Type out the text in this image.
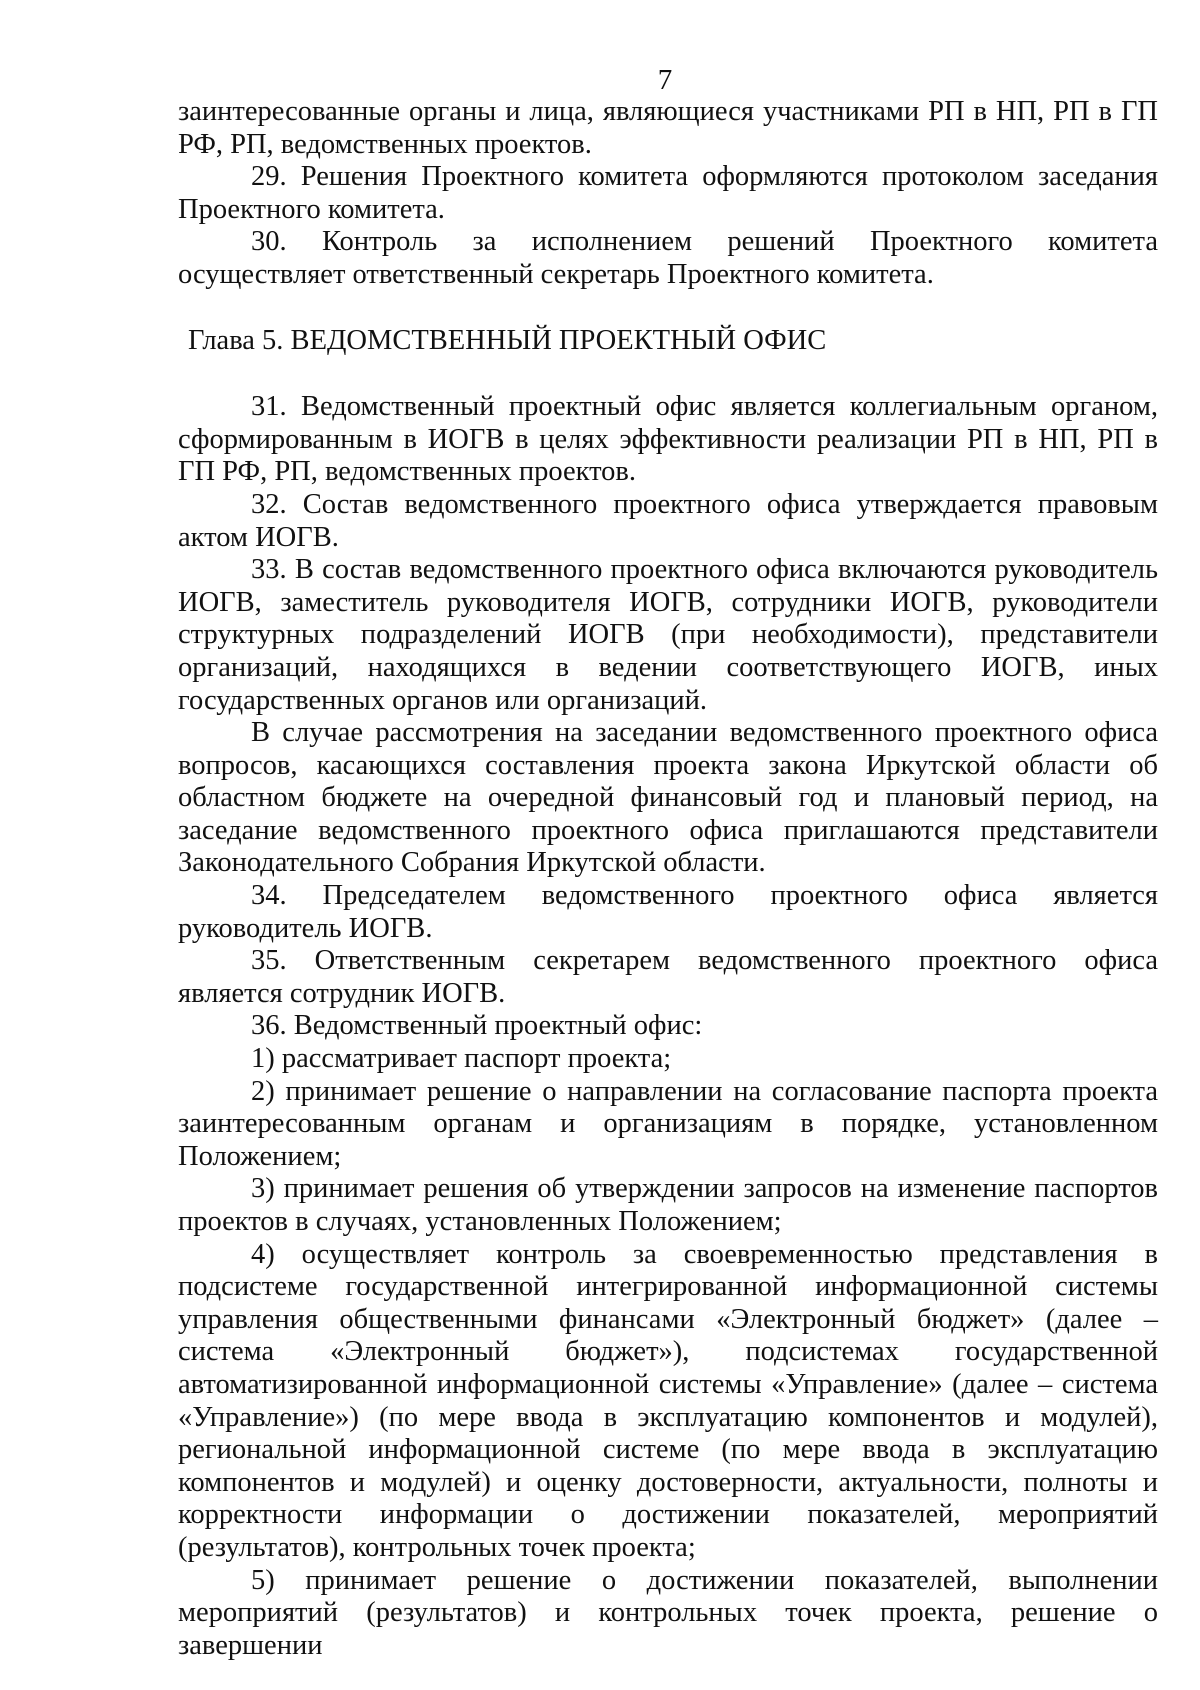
7

заинтересованные органы и лица, являющиеся участниками РП в НП, РП в ГП РФ, РП, ведомственных проектов.

29. Решения Проектного комитета оформляются протоколом заседания Проектного комитета.

30. Контроль за исполнением решений Проектного комитета осуществляет ответственный секретарь Проектного комитета.

Глава 5. ВЕДОМСТВЕННЫЙ ПРОЕКТНЫЙ ОФИС

31. Ведомственный проектный офис является коллегиальным органом, сформированным в ИОГВ в целях эффективности реализации РП в НП, РП в ГП РФ, РП, ведомственных проектов.

32. Состав ведомственного проектного офиса утверждается правовым актом ИОГВ.

33. В состав ведомственного проектного офиса включаются руководитель ИОГВ, заместитель руководителя ИОГВ, сотрудники ИОГВ, руководители структурных подразделений ИОГВ (при необходимости), представители организаций, находящихся в ведении соответствующего ИОГВ, иных государственных органов или организаций.

В случае рассмотрения на заседании ведомственного проектного офиса вопросов, касающихся составления проекта закона Иркутской области об областном бюджете на очередной финансовый год и плановый период, на заседание ведомственного проектного офиса приглашаются представители Законодательного Собрания Иркутской области.

34. Председателем ведомственного проектного офиса является руководитель ИОГВ.

35. Ответственным секретарем ведомственного проектного офиса является сотрудник ИОГВ.

36. Ведомственный проектный офис:

1) рассматривает паспорт проекта;

2) принимает решение о направлении на согласование паспорта проекта заинтересованным органам и организациям в порядке, установленном Положением;

3) принимает решения об утверждении запросов на изменение паспортов проектов в случаях, установленных Положением;

4) осуществляет контроль за своевременностью представления в подсистеме государственной интегрированной информационной системы управления общественными финансами «Электронный бюджет» (далее – система «Электронный бюджет»), подсистемах государственной автоматизированной информационной системы «Управление» (далее – система «Управление») (по мере ввода в эксплуатацию компонентов и модулей), региональной информационной системе (по мере ввода в эксплуатацию компонентов и модулей) и оценку достоверности, актуальности, полноты и корректности информации о достижении показателей, мероприятий (результатов), контрольных точек проекта;

5) принимает решение о достижении показателей, выполнении мероприятий (результатов) и контрольных точек проекта, решение о завершении
